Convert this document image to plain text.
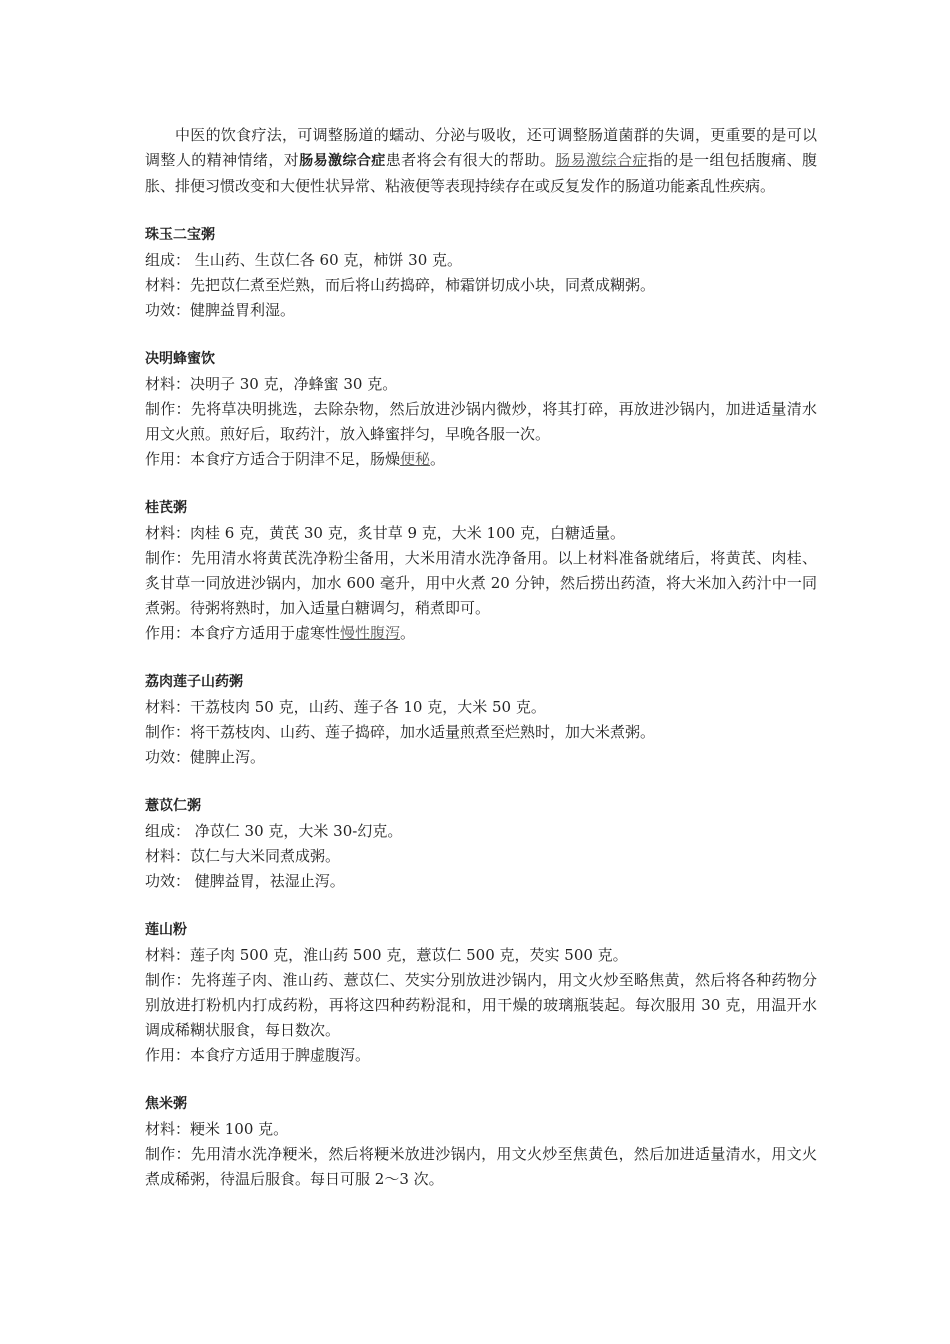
中医的饮食疗法，可调整肠道的蠕动、分泌与吸收，还可调整肠道菌群的失调，更重要的是可以调整人的精神情绪，对肠易激综合症患者将会有很大的帮助。肠易激综合症指的是一组包括腹痛、腹胀、排便习惯改变和大便性状异常、粘液便等表现持续存在或反复发作的肠道功能紊乱性疾病。

珠玉二宝粥

组成： 生山药、生苡仁各 60 克，柿饼 30 克。

材料：先把苡仁煮至烂熟，而后将山药捣碎，柿霜饼切成小块，同煮成糊粥。

功效：健脾益胃利湿。

决明蜂蜜饮

材料：决明子 30 克，净蜂蜜 30 克。

制作：先将草决明挑选，去除杂物，然后放进沙锅内微炒，将其打碎，再放进沙锅内，加进适量清水用文火煎。煎好后，取药汁，放入蜂蜜拌匀，早晚各服一次。

作用：本食疗方适合于阴津不足，肠燥便秘。

桂芪粥

材料：肉桂 6 克，黄芪 30 克，炙甘草 9 克，大米 100 克，白糖适量。

制作：先用清水将黄芪洗净粉尘备用，大米用清水洗净备用。以上材料准备就绪后，将黄芪、肉桂、炙甘草一同放进沙锅内，加水 600 毫升，用中火煮 20 分钟，然后捞出药渣，将大米加入药汁中一同煮粥。待粥将熟时，加入适量白糖调匀，稍煮即可。

作用：本食疗方适用于虚寒性慢性腹泻。

荔肉莲子山药粥

材料：干荔枝肉 50 克，山药、莲子各 10 克，大米 50 克。

制作：将干荔枝肉、山药、莲子捣碎，加水适量煎煮至烂熟时，加大米煮粥。

功效：健脾止泻。

薏苡仁粥

组成： 净苡仁 30 克，大米 30-幻克。

材料：苡仁与大米同煮成粥。

功效： 健脾益胃，祛湿止泻。

莲山粉

材料：莲子肉 500 克，淮山药 500 克，薏苡仁 500 克，芡实 500 克。

制作：先将莲子肉、淮山药、薏苡仁、芡实分别放进沙锅内，用文火炒至略焦黄，然后将各种药物分别放进打粉机内打成药粉，再将这四种药粉混和，用干燥的玻璃瓶装起。每次服用 30 克，用温开水调成稀糊状服食，每日数次。

作用：本食疗方适用于脾虚腹泻。

焦米粥

材料：粳米 100 克。

制作：先用清水洗净粳米，然后将粳米放进沙锅内，用文火炒至焦黄色，然后加进适量清水，用文火煮成稀粥，待温后服食。每日可服 2～3 次。
